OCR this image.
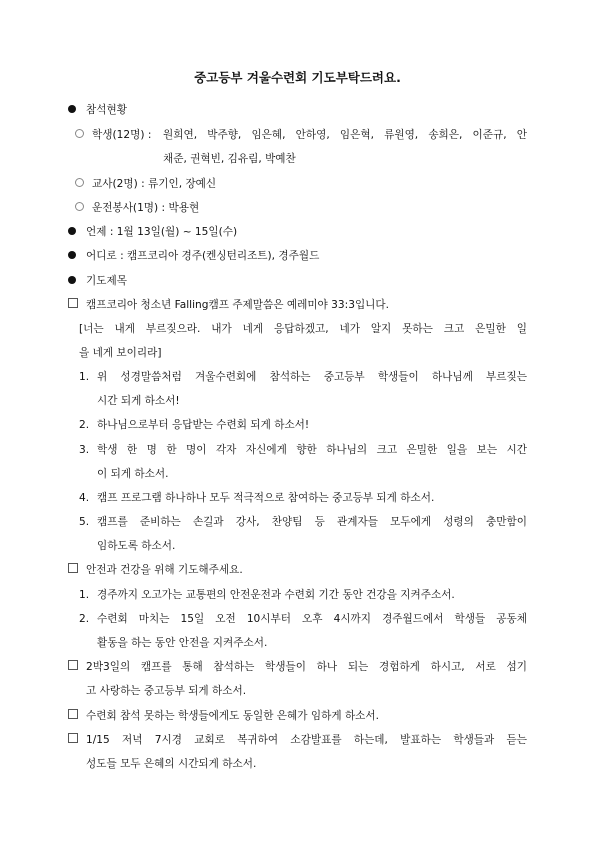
중고등부 겨울수련회 기도부탁드려요.
참석현황
학생(12명) : 원희연, 박주향, 임은혜, 안하영, 임은혁, 류원영, 송희은, 이준규, 안
채준, 권혁빈, 김유림, 박예찬
교사(2명) : 류기인, 장예신
운전봉사(1명) : 박용현
언제 : 1월 13일(월) ~ 15일(수)
어디로 : 캠프코리아 경주(켄싱턴리조트), 경주월드
기도제목
캠프코리아 청소년 Falling캠프 주제말씀은 예레미야 33:3입니다.
[너는 내게 부르짖으라. 내가 네게 응답하겠고, 네가 알지 못하는 크고 은밀한 일
을 네게 보이리라]
1. 위 성경말씀처럼 겨울수련회에 참석하는 중고등부 학생들이 하나님께 부르짖는
시간 되게 하소서!
2. 하나님으로부터 응답받는 수련회 되게 하소서!
3. 학생 한 명 한 명이 각자 자신에게 향한 하나님의 크고 은밀한 일을 보는 시간
이 되게 하소서.
4. 캠프 프로그램 하나하나 모두 적극적으로 참여하는 중고등부 되게 하소서.
5. 캠프를 준비하는 손길과 강사, 찬양팀 등 관계자들 모두에게 성령의 충만함이
임하도록 하소서.
안전과 건강을 위해 기도해주세요.
1. 경주까지 오고가는 교통편의 안전운전과 수련회 기간 동안 건강을 지켜주소서.
2. 수련회 마치는 15일 오전 10시부터 오후 4시까지 경주월드에서 학생들 공동체
활동을 하는 동안 안전을 지켜주소서.
2박3일의 캠프를 통해 참석하는 학생들이 하나 되는 경험하게 하시고, 서로 섬기
고 사랑하는 중고등부 되게 하소서.
수련회 참석 못하는 학생들에게도 동일한 은혜가 임하게 하소서.
1/15 저녁 7시경 교회로 복귀하여 소감발표를 하는데, 발표하는 학생들과 듣는
성도들 모두 은혜의 시간되게 하소서.
